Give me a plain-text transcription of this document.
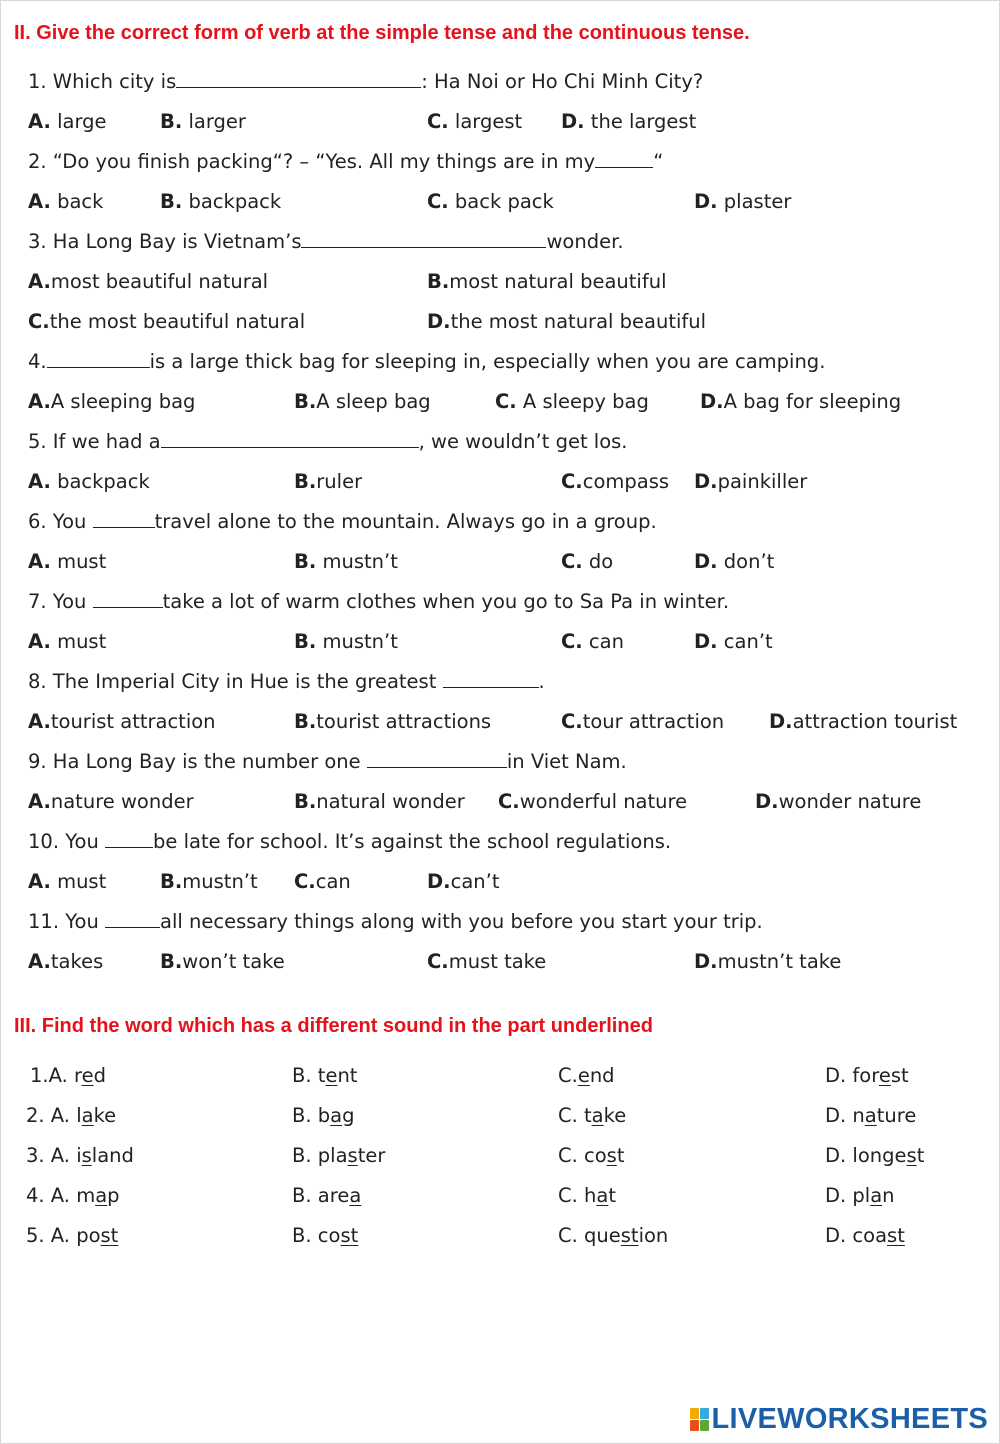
II. Give the correct form of verb at the simple tense and the continuous tense.
1. Which city is	: Ha Noi or Ho Chi Minh City?
A. large	B. larger	C. largest D. the largest
2. “Do you finish packing“? – “Yes. All my things are in my	“
A. back	B. backpack	C. back pack	D. plaster
3. Ha Long Bay is Vietnam’s	wonder.
A.most beautiful natural	B.most natural beautiful
C.the most beautiful natural	D.the most natural beautiful
4.	is a large thick bag for sleeping in, especially when you are camping.
A.A sleeping bag	B.A sleep bag	C. A sleepy bag	D.A bag for sleeping
5. If we had a	, we wouldn’t get los.
A. backpack	B.ruler	C.compass D.painkiller
6. You	travel alone to the mountain. Always go in a group.
A. must	B. mustn’t	C. do	D. don’t
7. You	take a lot of warm clothes when you go to Sa Pa in winter.
A. must	B. mustn’t	C. can	D. can’t
8. The Imperial City in Hue is the greatest	.
A.tourist attraction	B.tourist attractions	C.tour attraction D.attraction tourist
9. Ha Long Bay is the number one	in Viet Nam.
A.nature wonder	B.natural wonder C.wonderful nature	D.wonder nature
10. You be late for school. It’s against the school regulations.
A. must	B.mustn’t C.can	D.can’t
11. You	all necessary things along with you before you start your trip.
A.takes	B.won’t take	C.must take	D.mustn’t take
III. Find the word which has a different sound in the part underlined
1.A. red	B. tent	C.end	D. forest
2. A. lake	B. bag	C. take	D. nature
3. A. island	B. plaster	C. cost	D. longest
4. A. map	B. area	C. hat	D. plan
5. A. post	B. cost	C. question	D. coast
LIVEWORKSHEETS
